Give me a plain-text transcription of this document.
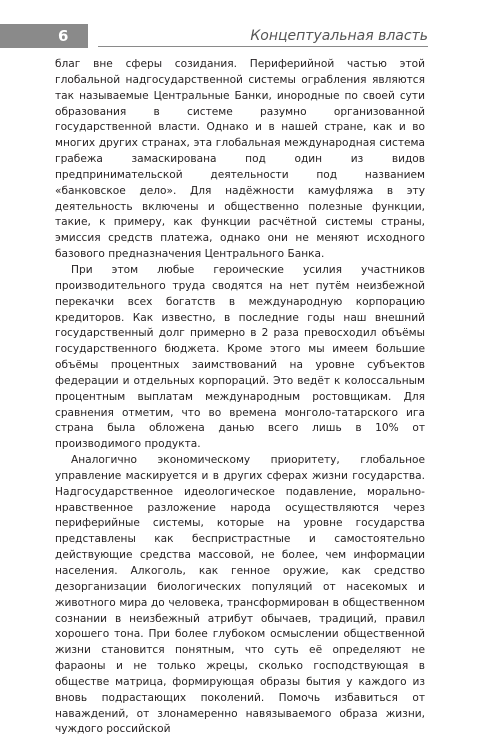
6	Концептуальная власть

благ вне сферы созидания. Периферийной частью этой глобальной надгосударственной системы ограбления являются так называемые Центральные Банки, инородные по своей сути образования в системе разумно организованной государственной власти. Однако и в нашей стране, как и во многих других странах, эта глобальная международная система грабежа замаскирована под один из видов предпринимательской деятельности под названием «банковское дело». Для надёжности камуфляжа в эту деятельность включены и общественно полезные функции, такие, к примеру, как функции расчётной системы страны, эмиссия средств платежа, однако они не меняют исходного базового предназначения Центрального Банка.

При этом любые героические усилия участников производительного труда сводятся на нет путём неизбежной перекачки всех богатств в международную корпорацию кредиторов. Как известно, в последние годы наш внешний государственный долг примерно в 2 раза превосходил объёмы государственного бюджета. Кроме этого мы имеем большие объёмы процентных заимствований на уровне субъектов федерации и отдельных корпораций. Это ведёт к колоссальным процентным выплатам международным ростовщикам. Для сравнения отметим, что во времена монголо-татарского ига страна была обложена данью всего лишь в 10% от производимого продукта.

Аналогично экономическому приоритету, глобальное управление маскируется и в других сферах жизни государства. Надгосударственное идеологическое подавление, морально-нравственное разложение народа осуществляются через периферийные системы, которые на уровне государства представлены как беспристрастные и самостоятельно действующие средства массовой, не более, чем информации населения. Алкоголь, как генное оружие, как средство дезорганизации биологических популяций от насекомых и животного мира до человека, трансформирован в общественном сознании в неизбежный атрибут обычаев, традиций, правил хорошего тона. При более глубоком осмыслении общественной жизни становится понятным, что суть её определяют не фараоны и не только жрецы, сколько господствующая в обществе матрица, формирующая образы бытия у каждого из вновь подрастающих поколений. Помочь избавиться от наваждений, от злонамеренно навязываемого образа жизни, чуждого российской
